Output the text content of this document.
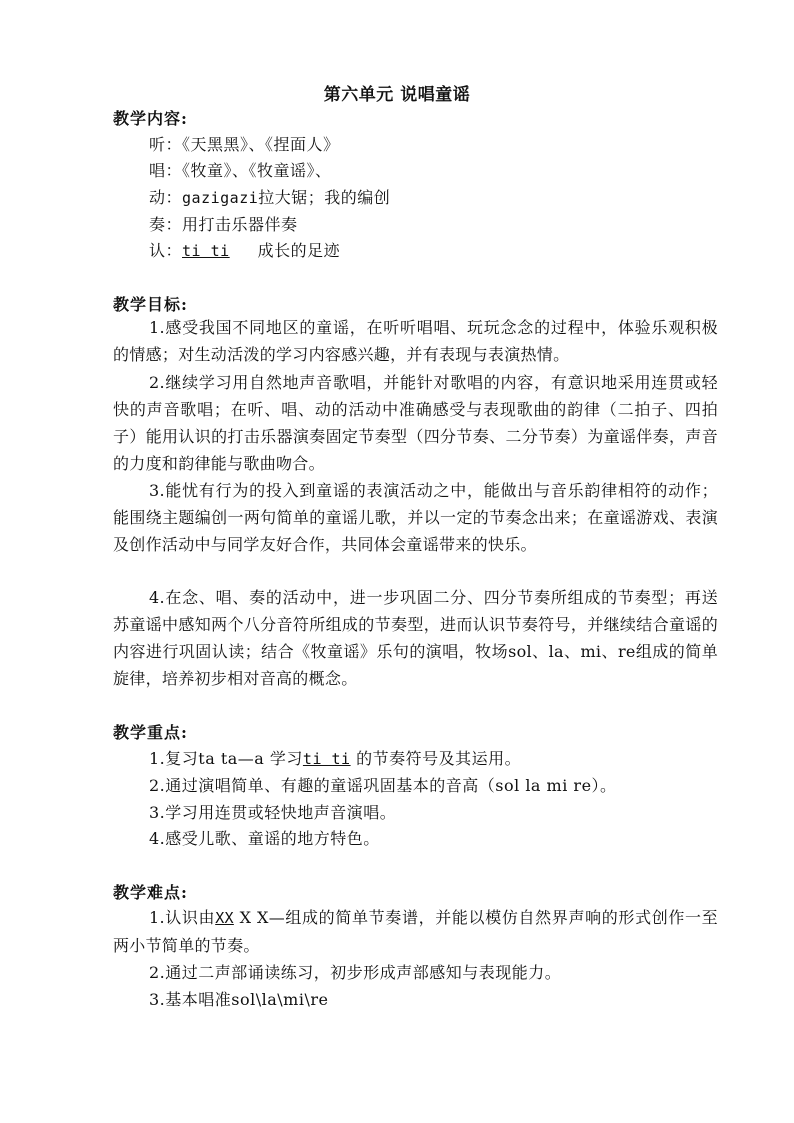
第六单元 说唱童谣
教学内容:
听：《天黑黑》、《捏面人》
唱：《牧童》、《牧童谣》、
动：gazigazi拉大锯；我的编创
奏：用打击乐器伴奏
认：ti ti 成长的足迹
教学目标:
1.感受我国不同地区的童谣，在听听唱唱、玩玩念念的过程中，体验乐观积极的情感；对生动活泼的学习内容感兴趣，并有表现与表演热情。
2.继续学习用自然地声音歌唱，并能针对歌唱的内容，有意识地采用连贯或轻快的声音歌唱；在听、唱、动的活动中准确感受与表现歌曲的韵律（二拍子、四拍子）能用认识的打击乐器演奏固定节奏型（四分节奏、二分节奏）为童谣伴奏，声音的力度和韵律能与歌曲吻合。
3.能忧有行为的投入到童谣的表演活动之中，能做出与音乐韵律相符的动作；能围绕主题编创一两句简单的童谣儿歌，并以一定的节奏念出来；在童谣游戏、表演及创作活动中与同学友好合作，共同体会童谣带来的快乐。
4.在念、唱、奏的活动中，进一步巩固二分、四分节奏所组成的节奏型；再送苏童谣中感知两个八分音符所组成的节奏型，进而认识节奏符号，并继续结合童谣的内容进行巩固认读；结合《牧童谣》乐句的演唱，牧场sol、la、mi、re组成的简单旋律，培养初步相对音高的概念。
教学重点:
1.复习ta ta—a 学习ti ti 的节奏符号及其运用。
2.通过演唱简单、有趣的童谣巩固基本的音高（sol la mi re）。
3.学习用连贯或轻快地声音演唱。
4.感受儿歌、童谣的地方特色。
教学难点:
1.认识由XX X X—组成的简单节奏谱，并能以模仿自然界声响的形式创作一至两小节简单的节奏。
2.通过二声部诵读练习，初步形成声部感知与表现能力。
3.基本唱准sol\la\mi\re
